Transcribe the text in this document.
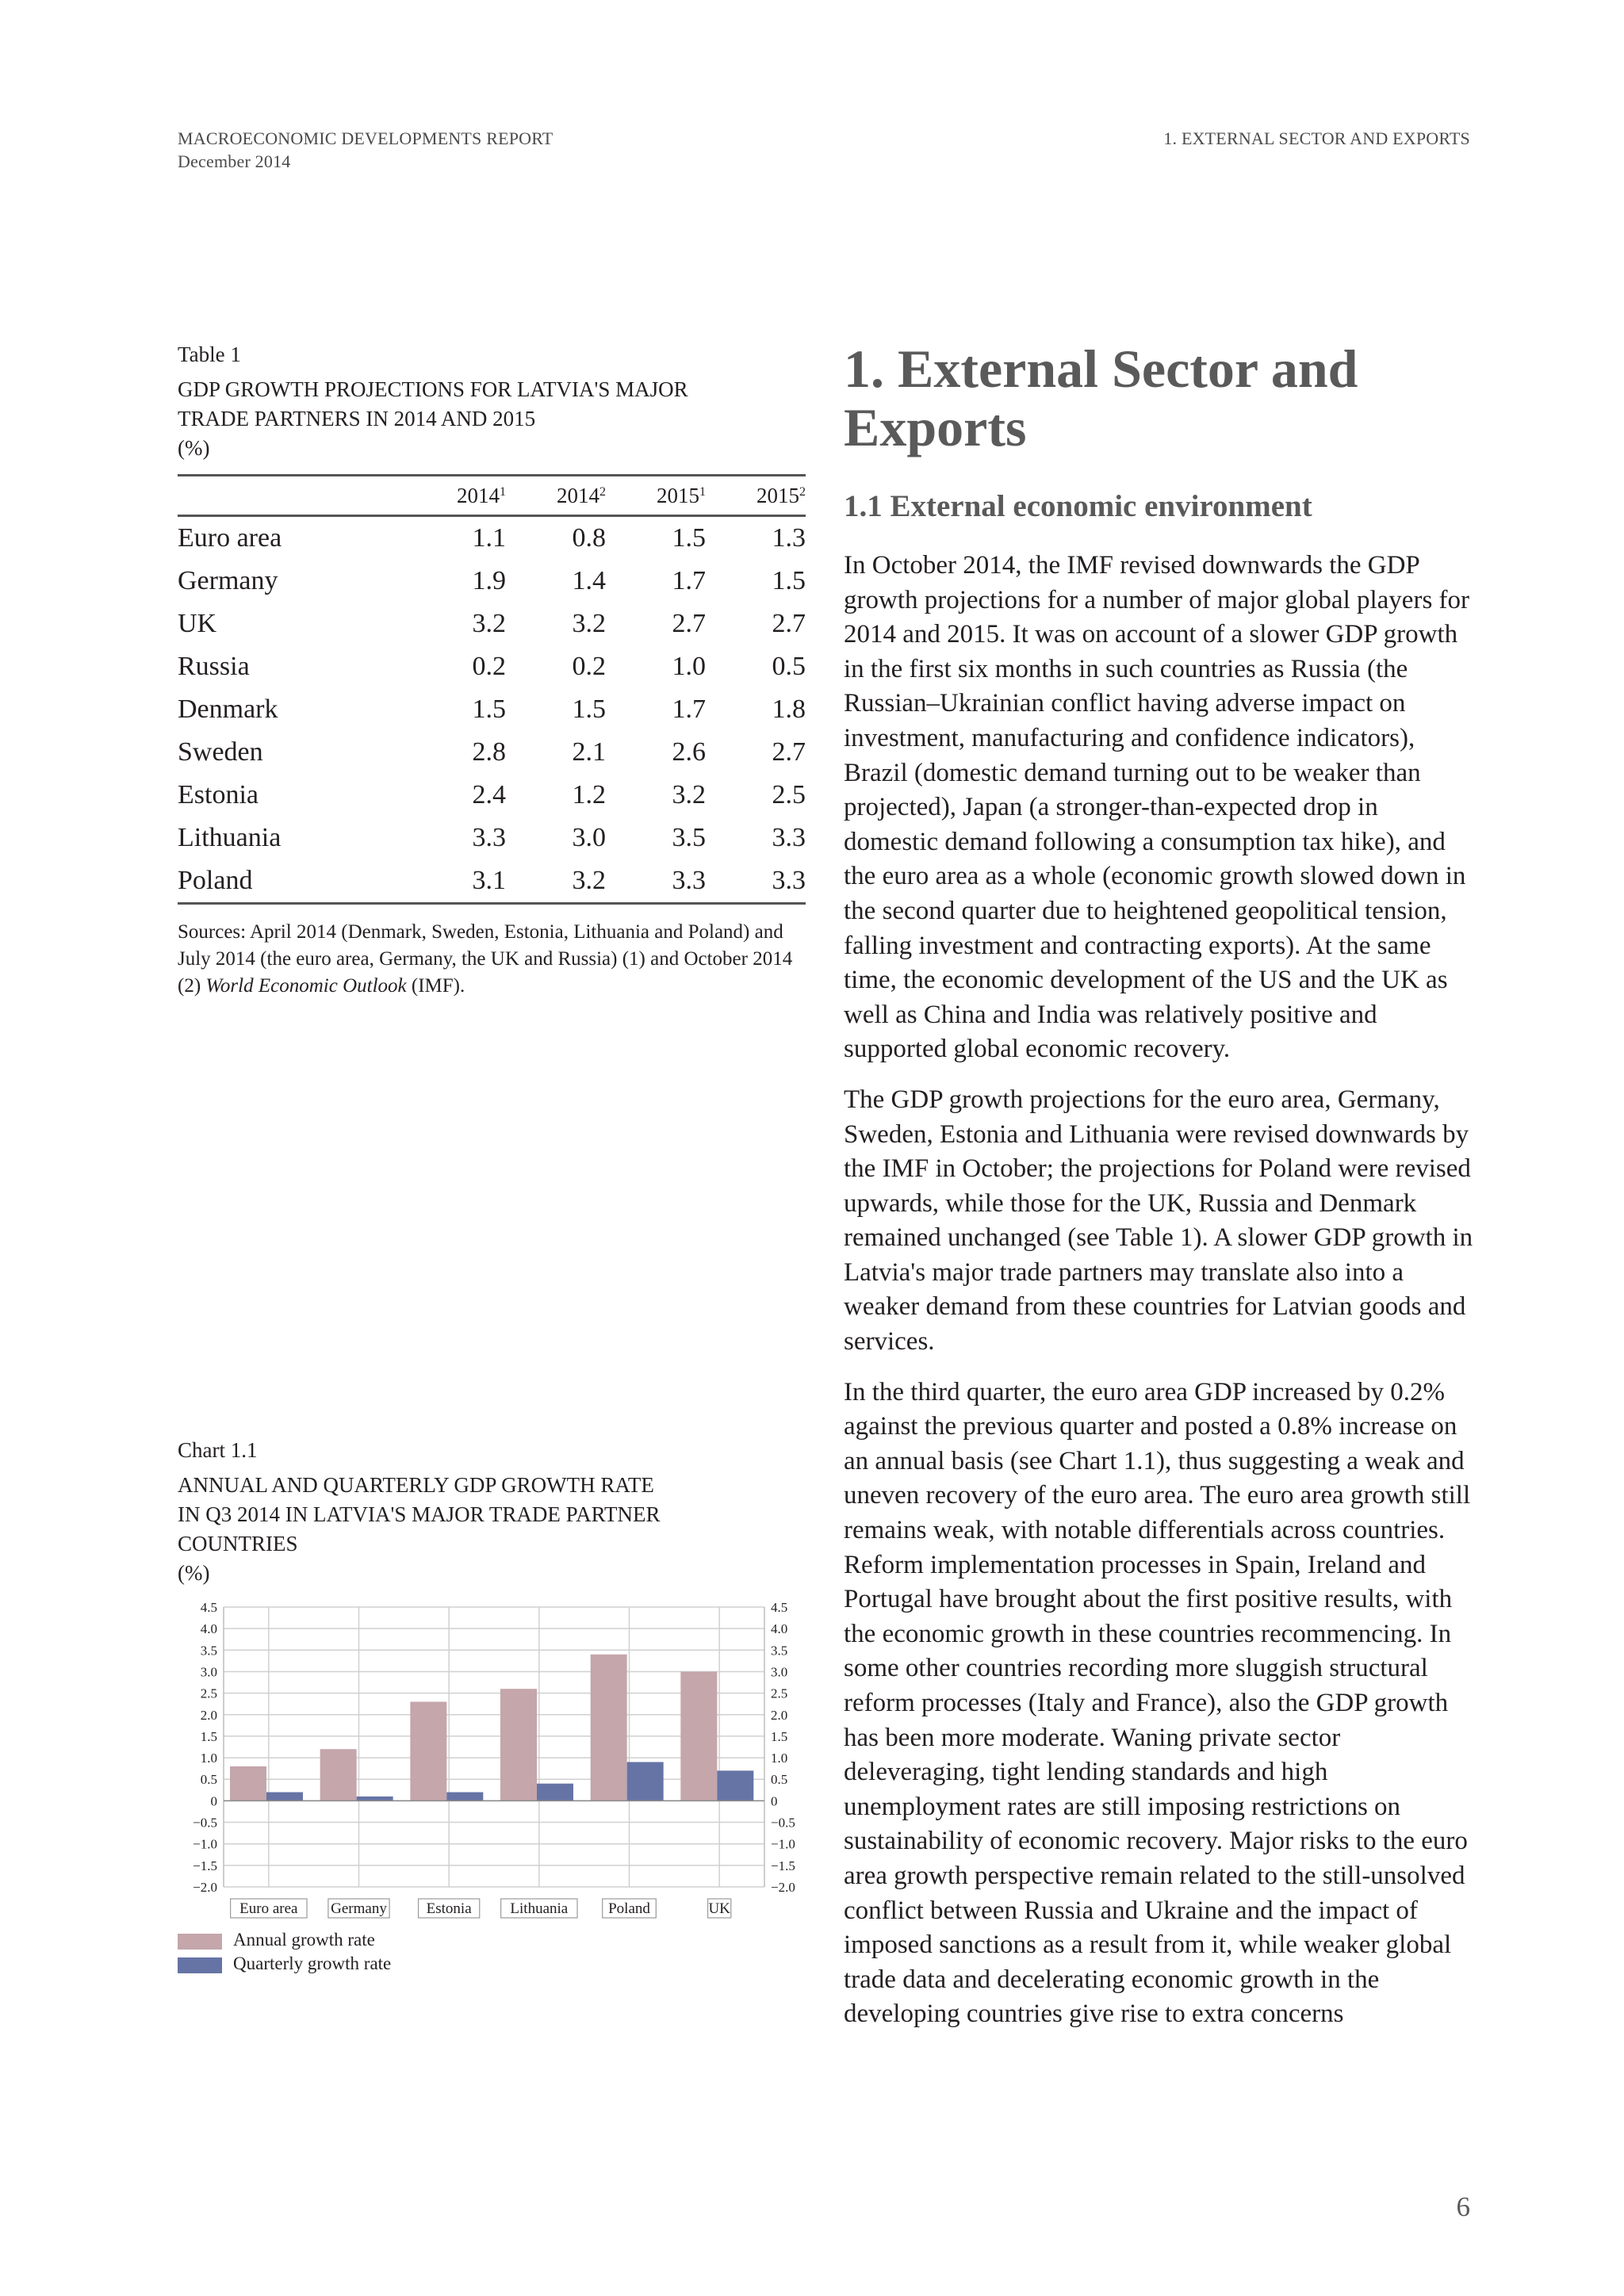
MACROECONOMIC DEVELOPMENTS REPORT
December 2014
1. EXTERNAL SECTOR AND EXPORTS
Table 1
GDP GROWTH PROJECTIONS FOR LATVIA'S MAJOR
TRADE PARTNERS IN 2014 AND 2015
(%)
	2014$^1$	2014$^2$	2015$^1$	2015$^2$
Euro area	1.1	0.8	1.5	1.3
Germany	1.9	1.4	1.7	1.5
UK	3.2	3.2	2.7	2.7
Russia	0.2	0.2	1.0	0.5
Denmark	1.5	1.5	1.7	1.8
Sweden	2.8	2.1	2.6	2.7
Estonia	2.4	1.2	3.2	2.5
Lithuania	3.3	3.0	3.5	3.3
Poland	3.1	3.2	3.3	3.3
Sources: April 2014 (Denmark, Sweden, Estonia, Lithuania and Poland) and July 2014 (the euro area, Germany, the UK and Russia) (1) and October 2014 (2) World Economic Outlook (IMF).
Chart 1.1
ANNUAL AND QUARTERLY GDP GROWTH RATE
IN Q3 2014 IN LATVIA'S MAJOR TRADE PARTNER
COUNTRIES
(%)
4.5	4.5
4.0	4.0
3.5	3.5
3.0	3.0
2.5	2.5
2.0	2.0
1.5	1.5
1.0	1.0
0.5	0.5
0	0
−0.5	−0.5
−1.0	−1.0
−1.5	−1.5
−2.0	−2.0
Euro area Germany	Estonia	Lithuania	Poland	UK
Annual growth rate
Quarterly growth rate
1. External Sector and
Exports
1.1 External economic environment

In October 2014, the IMF revised downwards the GDP growth projections for a number of major global players for 2014 and 2015. It was on account of a slower GDP growth in the first six months in such countries as Russia (the Russian–Ukrainian conflict having adverse impact on investment, manufacturing and confidence indicators), Brazil (domestic demand turning out to be weaker than projected), Japan (a stronger-than-expected drop in domestic demand following a consumption tax hike), and the euro area as a whole (economic growth slowed down in the second quarter due to heightened geopolitical tension, falling investment and contracting exports). At the same time, the economic development of the US and the UK as well as China and India was relatively positive and supported global economic recovery.

The GDP growth projections for the euro area, Germany, Sweden, Estonia and Lithuania were revised downwards by the IMF in October; the projections for Poland were revised upwards, while those for the UK, Russia and Denmark remained unchanged (see Table 1). A slower GDP growth in Latvia's major trade partners may translate also into a weaker demand from these countries for Latvian goods and services.

In the third quarter, the euro area GDP increased by 0.2% against the previous quarter and posted a 0.8% increase on an annual basis (see Chart 1.1), thus suggesting a weak and uneven recovery of the euro area. The euro area growth still remains weak, with notable differentials across countries. Reform implementation processes in Spain, Ireland and Portugal have brought about the first positive results, with the economic growth in these countries recommencing. In some other countries recording more sluggish structural reform processes (Italy and France), also the GDP growth has been more moderate. Waning private sector deleveraging, tight lending standards and high unemployment rates are still imposing restrictions on sustainability of economic recovery. Major risks to the euro area growth perspective remain related to the still-unsolved conflict between Russia and Ukraine and the impact of imposed sanctions as a result from it, while weaker global trade data and decelerating economic growth in the developing countries give rise to extra concerns

6
